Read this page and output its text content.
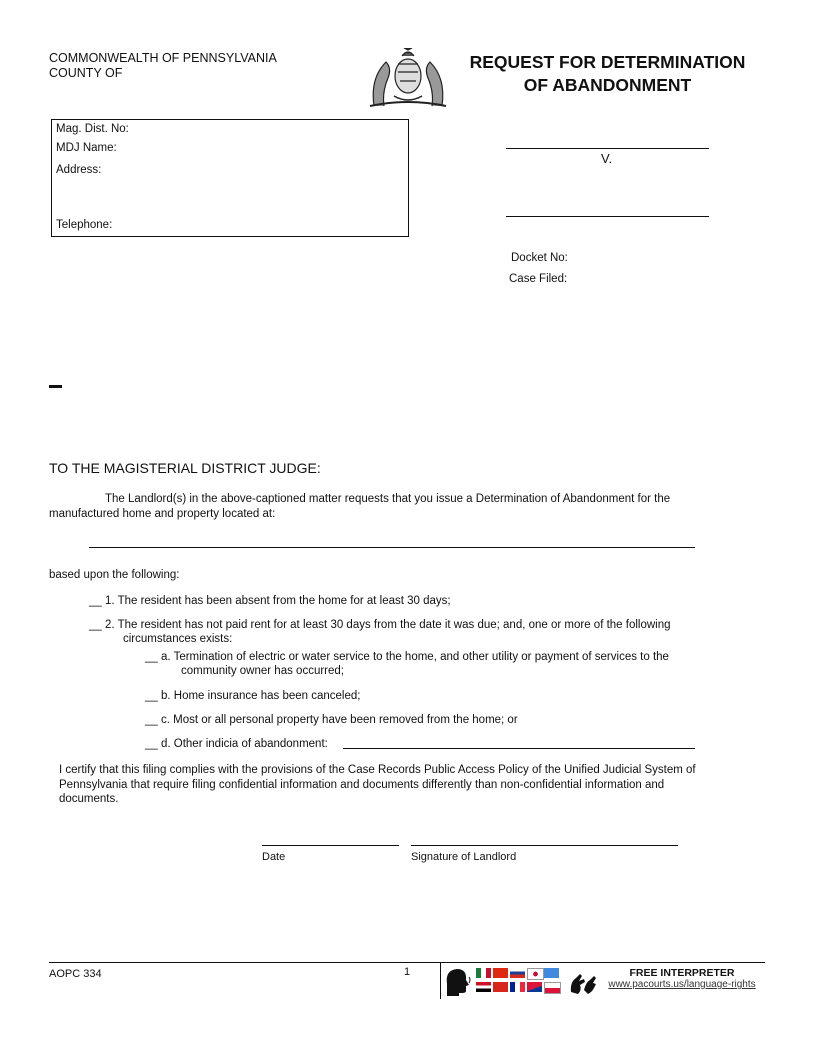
COMMONWEALTH OF PENNSYLVANIA
COUNTY OF
REQUEST FOR DETERMINATION
OF ABANDONMENT
Mag. Dist. No:
MDJ Name:
Address:
Telephone:
V.
Docket No:
Case Filed:
TO THE MAGISTERIAL DISTRICT JUDGE:
The Landlord(s) in the above-captioned matter requests that you issue a Determination of Abandonment for the manufactured home and property located at:
based upon the following:
__ 1. The resident has been absent from the home for at least 30 days;
__ 2. The resident has not paid rent for at least 30 days from the date it was due; and, one or more of the following circumstances exists:
__ a. Termination of electric or water service to the home, and other utility or payment of services to the community owner has occurred;
__ b. Home insurance has been canceled;
__ c. Most or all personal property have been removed from the home; or
__ d. Other indicia of abandonment:
I certify that this filing complies with the provisions of the Case Records Public Access Policy of the Unified Judicial System of Pennsylvania that require filing confidential information and documents differently than non-confidential information and documents.
Date	Signature of Landlord
AOPC 334	1	FREE INTERPRETER
www.pacourts.us/language-rights
